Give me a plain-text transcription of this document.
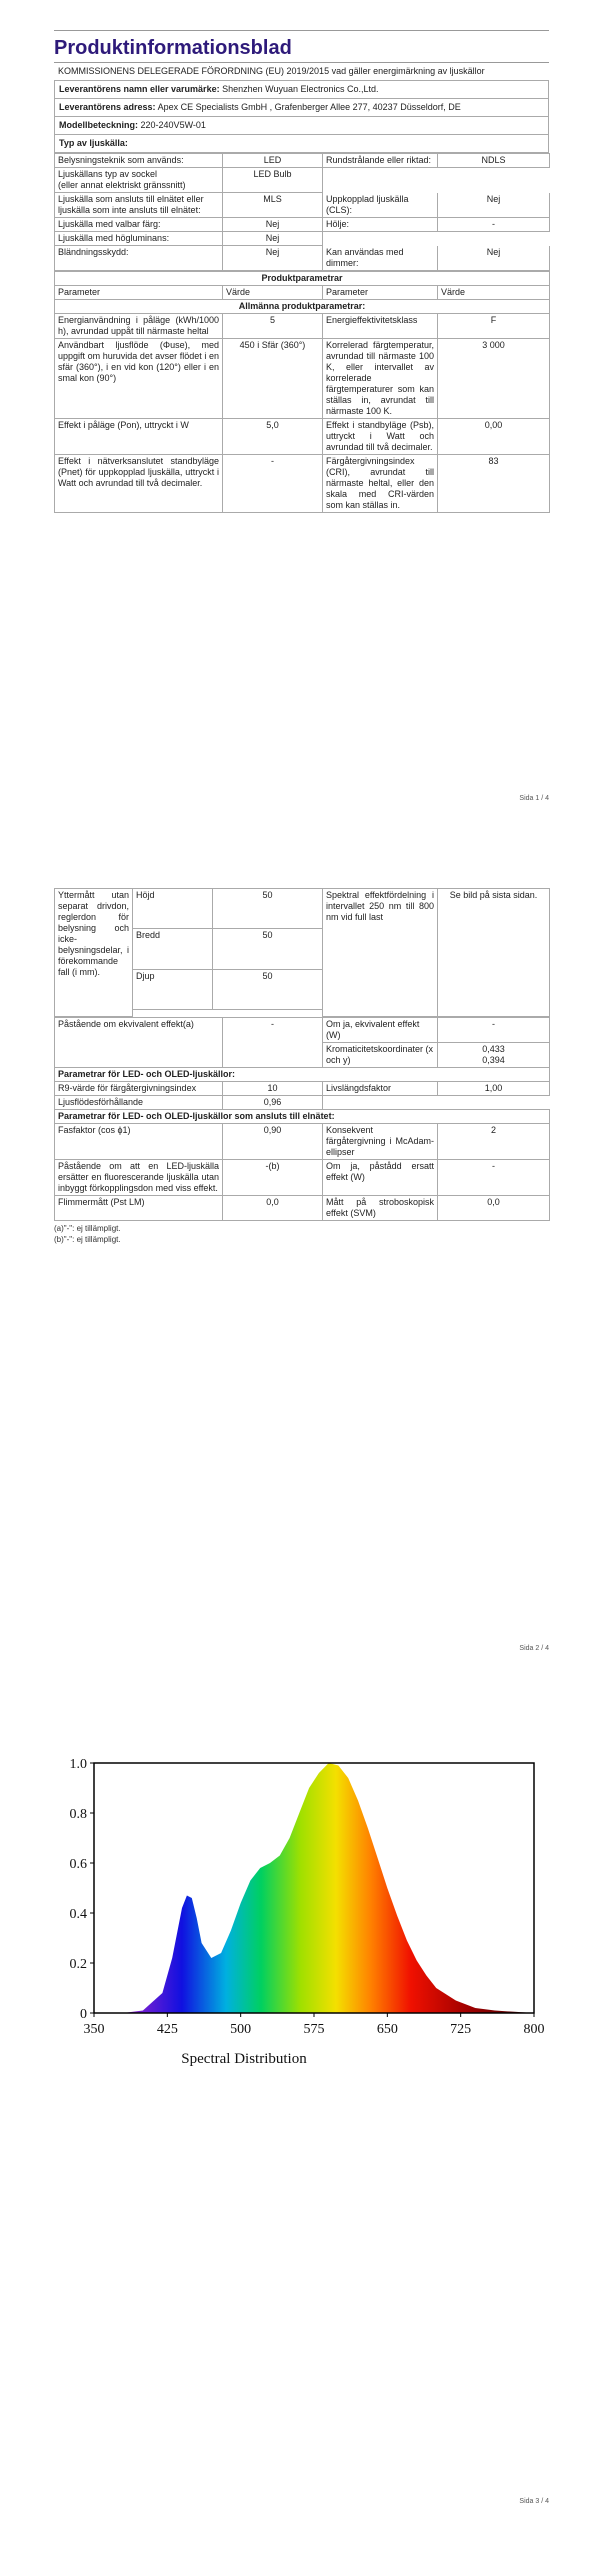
Produktinformationsblad
KOMMISSIONENS DELEGERADE FÖRORDNING (EU) 2019/2015 vad gäller energimärkning av ljuskällor
Leverantörens namn eller varumärke: Shenzhen Wuyuan Electronics Co.,Ltd.
Leverantörens adress: Apex CE Specialists GmbH , Grafenberger Allee 277, 40237 Düsseldorf, DE
Modellbeteckning: 220-240V5W-01
Typ av ljuskälla:
Belysningsteknik som används:	LED	Rundstrålande eller riktad:	NDLS
Ljuskällans typ av sockel
(eller annat elektriskt gränssnitt)	LED Bulb		
Ljuskälla som ansluts till elnätet eller ljuskälla som inte ansluts till elnätet:	MLS	Uppkopplad ljuskälla (CLS):	Nej
Ljuskälla med valbar färg:	Nej	Hölje:	-
Ljuskälla med högluminans:	Nej		
Bländningsskydd:	Nej	Kan användas med dimmer:	Nej
Produktparametrar			
Parameter	Värde	Parameter	Värde
Allmänna produktparametrar:			
Energianvändning i påläge (kWh/1000 h), avrundad uppåt till närmaste heltal	5	Energieffektivitetsklass	F
Användbart ljusflöde (Φuse), med uppgift om huruvida det avser flödet i en sfär (360°), i en vid kon (120°) eller i en smal kon (90°)	450 i Sfär (360°)	Korrelerad färgtemperatur, avrundad till närmaste 100 K, eller intervallet av korrelerade färgtemperaturer som kan ställas in, avrundat till närmaste 100 K.	3 000
Effekt i påläge (Pon), uttryckt i W	5,0	Effekt i standbyläge (Psb), uttryckt i Watt och avrundad till två decimaler.	0,00
Effekt i nätverksanslutet standbyläge (Pnet) för uppkopplad ljuskälla, uttryckt i Watt och avrundad till två decimaler.	-	Färgåtergivningsindex (CRI), avrundat till närmaste heltal, eller den skala med CRI-värden som kan ställas in.	83
Sida 1 / 4
Yttermått utan separat drivdon, reglerdon för belysning och icke-belysningsdelar, i förekommande fall (i mm).	Höjd	50	Spektral effektfördelning i intervallet 250 nm till 800 nm vid full last	Se bild på sista sidan.
	Bredd	50		
	Djup	50		

Påstående om ekvivalent effekt(a)	-	Om ja, ekvivalent effekt (W)	-
		Kromaticitetskoordinater (x och y)	0,433
0,394
Parametrar för LED- och OLED-ljuskällor:			
R9-värde för färgåtergivningsindex	10	Livslängdsfaktor	1,00
Ljusflödesförhållande	0,96		
Parametrar för LED- och OLED-ljuskällor som ansluts till elnätet:			
Fasfaktor (cos ϕ1)	0,90	Konsekvent färgåtergivning i McAdam-ellipser	2
Påstående om att en LED-ljuskälla ersätter en fluorescerande ljuskälla utan inbyggt förkopplingsdon med viss effekt.	-(b)	Om ja, påstådd ersatt effekt (W)	-
Flimmermått (Pst LM)	0,0	Mått på stroboskopisk effekt (SVM)	0,0
(a)"-": ej tillämpligt.
(b)"-": ej tillämpligt.
Sida 2 / 4
0
0.2
0.4
0.6
0.8
1.0
350	425	500	575	650	725	800
Spectral Distribution
Sida 3 / 4
